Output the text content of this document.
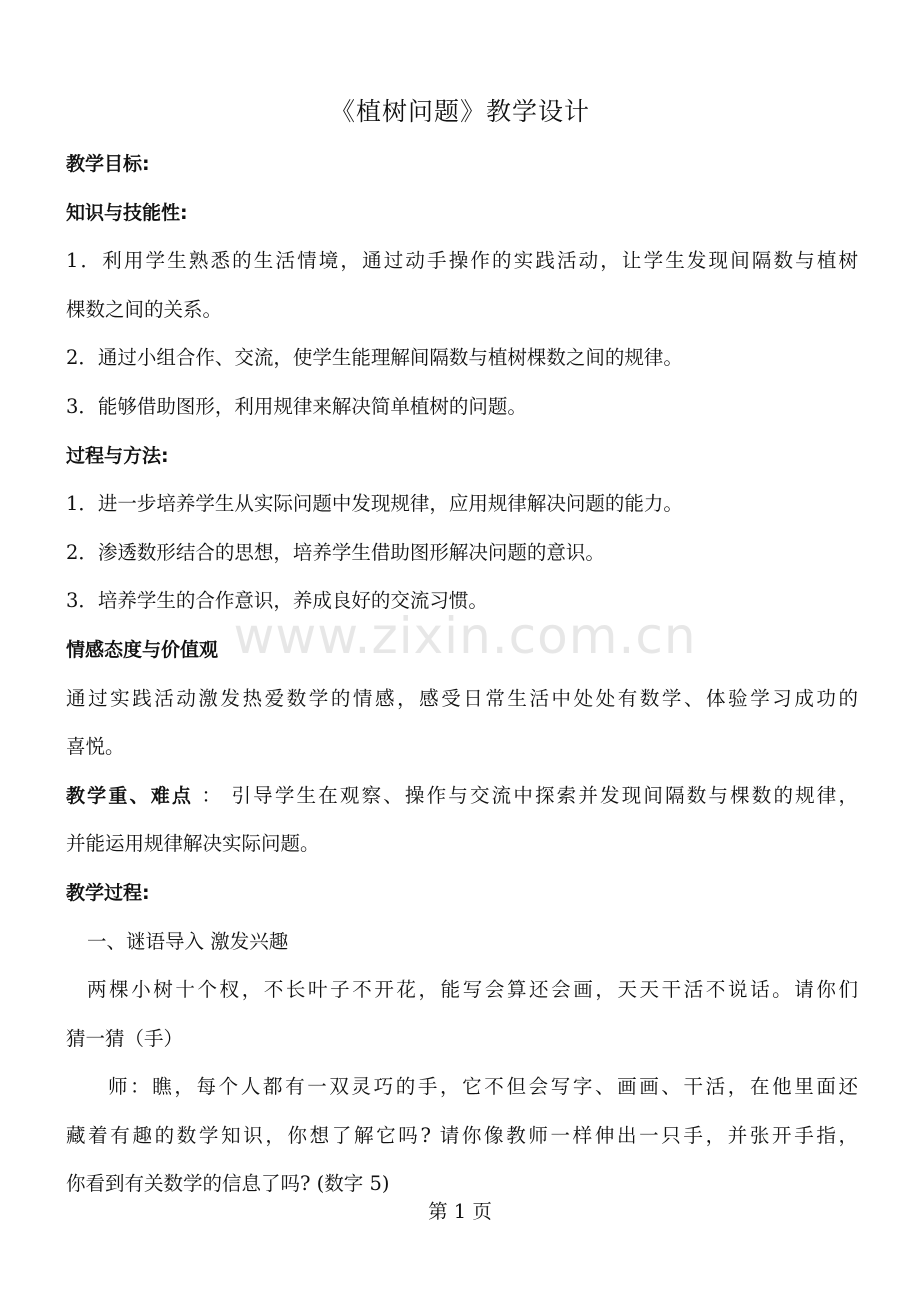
《植树问题》教学设计
教学目标:
知识与技能性:
1．利用学生熟悉的生活情境，通过动手操作的实践活动，让学生发现间隔数与植树
棵数之间的关系。
2．通过小组合作、交流，使学生能理解间隔数与植树棵数之间的规律。
3．能够借助图形，利用规律来解决简单植树的问题。
过程与方法:
1．进一步培养学生从实际问题中发现规律，应用规律解决问题的能力。
2．渗透数形结合的思想，培养学生借助图形解决问题的意识。
3．培养学生的合作意识，养成良好的交流习惯。
情感态度与价值观
通过实践活动激发热爱数学的情感，感受日常生活中处处有数学、体验学习成功的
喜悦。
教学重、难点 ： 引导学生在观察、操作与交流中探索并发现间隔数与棵数的规律，
并能运用规律解决实际问题。
教学过程:
一、谜语导入 激发兴趣
两棵小树十个杈，不长叶子不开花，能写会算还会画，天天干活不说话。请你们
猜一猜（手）
师：瞧，每个人都有一双灵巧的手，它不但会写字、画画、干活，在他里面还
藏着有趣的数学知识，你想了解它吗? 请你像教师一样伸出一只手，并张开手指，
你看到有关数学的信息了吗? (数字 5)
www.zixin.com.cn
第 1 页
